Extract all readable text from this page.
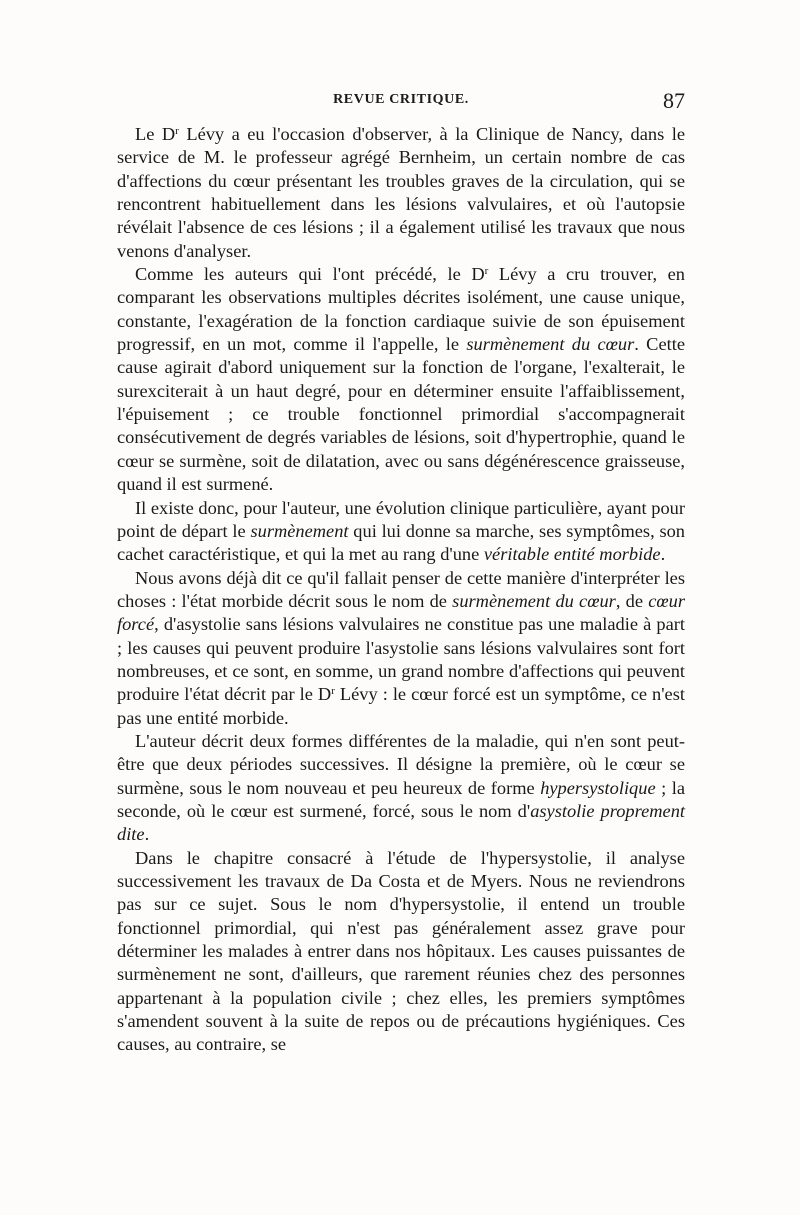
REVUE CRITIQUE.	87

Le $D^r$ Lévy a eu l'occasion d'observer, à la Clinique de Nancy, dans le service de M. le professeur agrégé Bernheim, un certain nombre de cas d'affections du cœur présentant les troubles graves de la circulation, qui se rencontrent habituellement dans les lésions valvulaires, et où l'autopsie révélait l'absence de ces lésions ; il a également utilisé les travaux que nous venons d'analyser.

Comme les auteurs qui l'ont précédé, le $D^r$ Lévy a cru trouver, en comparant les observations multiples décrites isolément, une cause unique, constante, l'exagération de la fonction cardiaque suivie de son épuisement progressif, en un mot, comme il l'appelle, le surmènement du cœur. Cette cause agirait d'abord uniquement sur la fonction de l'organe, l'exalterait, le surexciterait à un haut degré, pour en déterminer ensuite l'affaiblissement, l'épuisement ; ce trouble fonctionnel primordial s'accompagnerait consécutivement de degrés variables de lésions, soit d'hypertrophie, quand le cœur se surmène, soit de dilatation, avec ou sans dégénérescence graisseuse, quand il est surmené.

Il existe donc, pour l'auteur, une évolution clinique particulière, ayant pour point de départ le surmènement qui lui donne sa marche, ses symptômes, son cachet caractéristique, et qui la met au rang d'une véritable entité morbide.

Nous avons déjà dit ce qu'il fallait penser de cette manière d'interpréter les choses : l'état morbide décrit sous le nom de surmènement du cœur, de cœur forcé, d'asystolie sans lésions valvulaires ne constitue pas une maladie à part ; les causes qui peuvent produire l'asystolie sans lésions valvulaires sont fort nombreuses, et ce sont, en somme, un grand nombre d'affections qui peuvent produire l'état décrit par le $D^r$ Lévy : le cœur forcé est un symptôme, ce n'est pas une entité morbide.

L'auteur décrit deux formes différentes de la maladie, qui n'en sont peut-être que deux périodes successives. Il désigne la première, où le cœur se surmène, sous le nom nouveau et peu heureux de forme hypersystolique ; la seconde, où le cœur est surmené, forcé, sous le nom d'asystolie proprement dite.

Dans le chapitre consacré à l'étude de l'hypersystolie, il analyse successivement les travaux de Da Costa et de Myers. Nous ne reviendrons pas sur ce sujet. Sous le nom d'hypersystolie, il entend un trouble fonctionnel primordial, qui n'est pas généralement assez grave pour déterminer les malades à entrer dans nos hôpitaux. Les causes puissantes de surmènement ne sont, d'ailleurs, que rarement réunies chez des personnes appartenant à la population civile ; chez elles, les premiers symptômes s'amendent souvent à la suite de repos ou de précautions hygiéniques. Ces causes, au contraire, se
